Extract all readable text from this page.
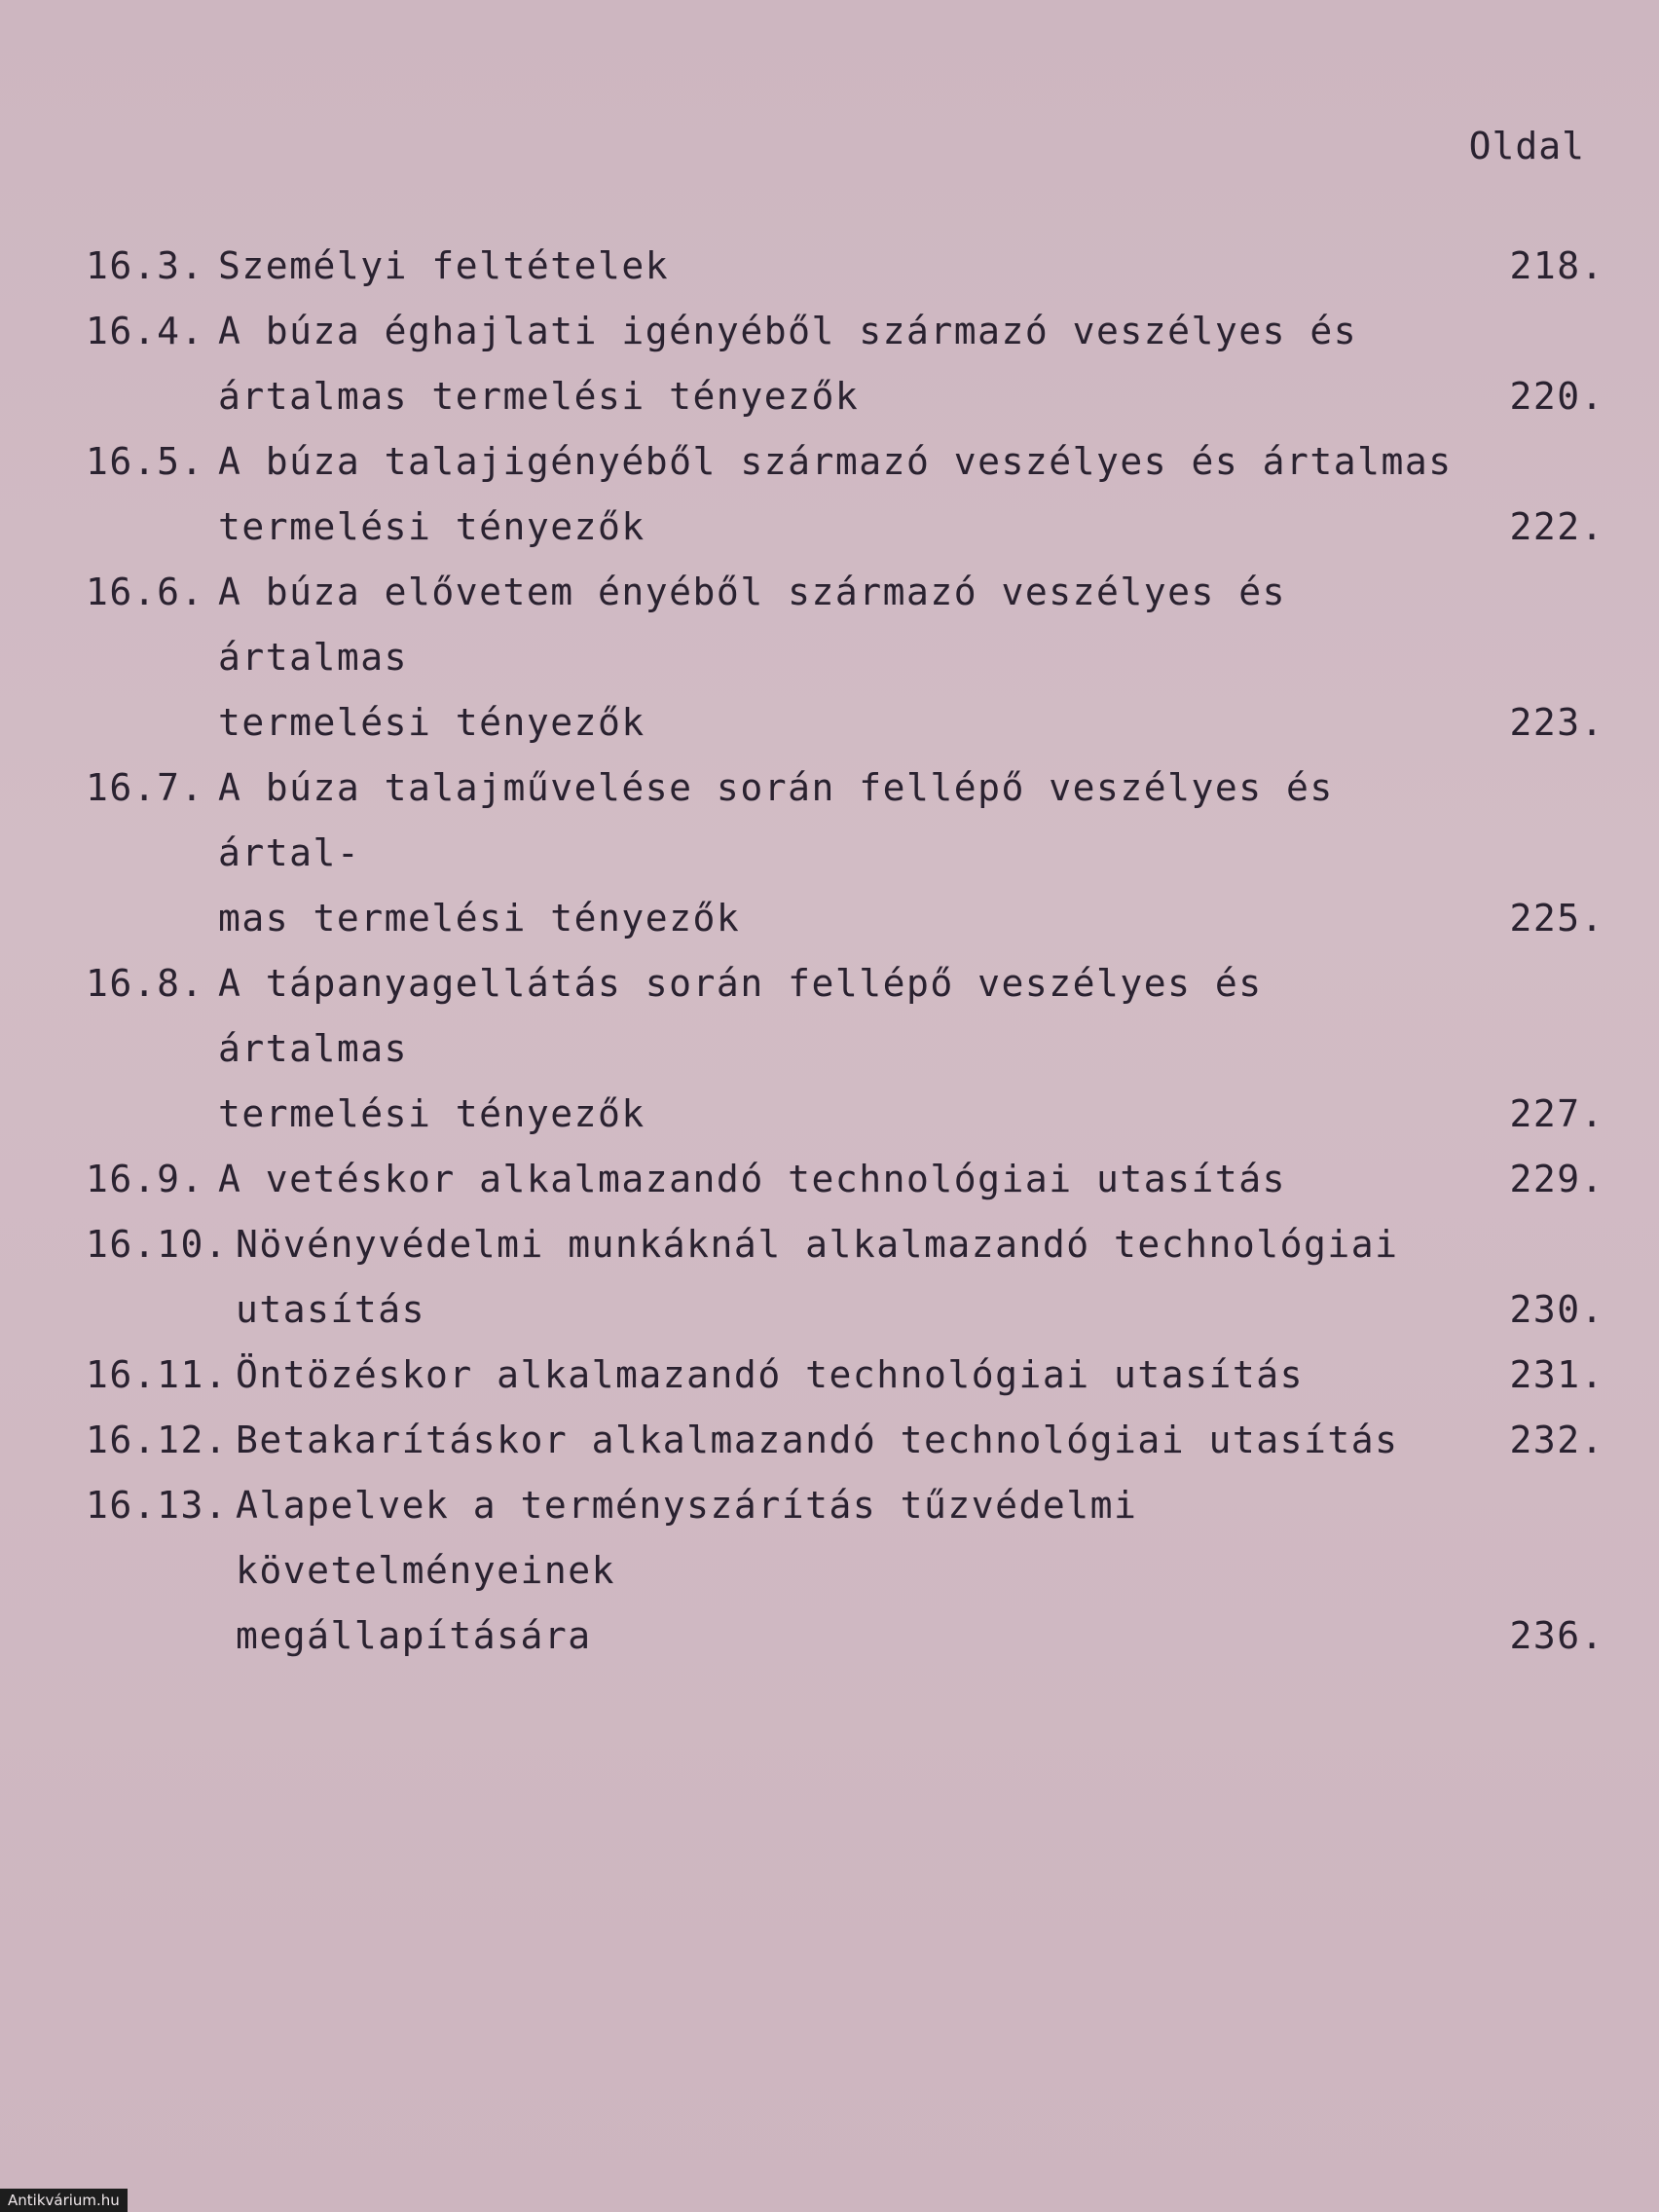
Oldal
16.3. Személyi feltételek	218.
16.4. A búza éghajlati igényéből származó veszélyes és
ártalmas termelési tényezők	220.
16.5. A búza talajigényéből származó veszélyes és ártalmas
termelési tényezők	222.
16.6. A búza elővetem ényéből származó veszélyes és ártalmas
termelési tényezők	223.
16.7. A búza talajművelése során fellépő veszélyes és ártal-
mas termelési tényezők	225.
16.8. A tápanyagellátás során fellépő veszélyes és ártalmas
termelési tényezők	227.
16.9. A vetéskor alkalmazandó technológiai utasítás	229.
16.10. Növényvédelmi munkáknál alkalmazandó technológiai
utasítás	230.
16.11. Öntözéskor alkalmazandó technológiai utasítás	231.
16.12. Betakarításkor alkalmazandó technológiai utasítás	232.
16.13. Alapelvek a terményszárítás tűzvédelmi követelményeinek
megállapítására	236.
Antikvárium.hu
